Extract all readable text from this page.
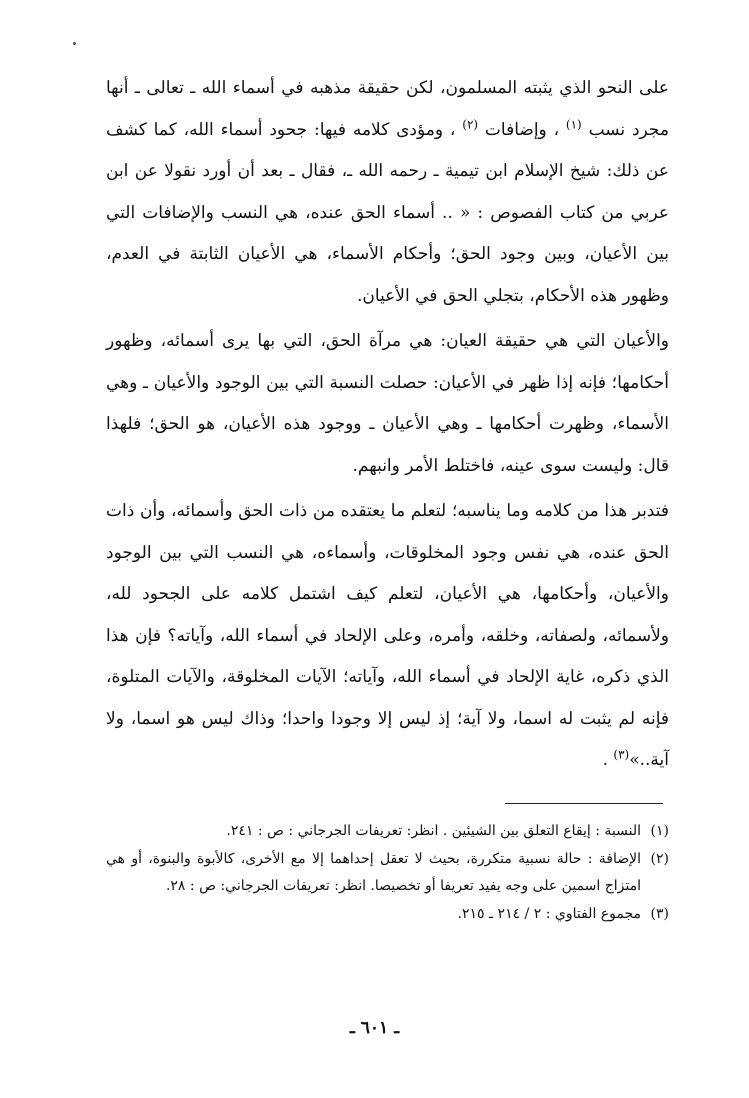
على النحو الذي يثبته المسلمون، لكن حقيقة مذهبه في أسماء الله ـ تعالى ـ أنها مجرد نسب $^{(١)}$ ، وإضافات $^{(٢)}$ ، ومؤدى كلامه فيها: جحود أسماء الله، كما كشف عن ذلك: شيخ الإسلام ابن تيمية ـ رحمه الله ـ، فقال ـ بعد أن أورد نقولا عن ابن عربي من كتاب الفصوص : « .. أسماء الحق عنده، هي النسب والإضافات التي بين الأعيان، وبين وجود الحق؛ وأحكام الأسماء، هي الأعيان الثابتة في العدم، وظهور هذه الأحكام، بتجلي الحق في الأعيان.

والأعيان التي هي حقيقة العيان: هي مرآة الحق، التي بها يرى أسمائه، وظهور أحكامها؛ فإنه إذا ظهر في الأعيان: حصلت النسبة التي بين الوجود والأعيان ـ وهي الأسماء، وظهرت أحكامها ـ وهي الأعيان ـ ووجود هذه الأعيان، هو الحق؛ فلهذا قال: وليست سوى عينه، فاختلط الأمر وانبهم.

فتدبر هذا من كلامه وما يناسبه؛ لتعلم ما يعتقده من ذات الحق وأسمائه، وأن ذات الحق عنده، هي نفس وجود المخلوقات، وأسماءه، هي النسب التي بين الوجود والأعيان، وأحكامها، هي الأعيان، لتعلم كيف اشتمل كلامه على الجحود لله، ولأسمائه، ولصفاته، وخلقه، وأمره، وعلى الإلحاد في أسماء الله، وآياته؟ فإن هذا الذي ذكره، غاية الإلحاد في أسماء الله، وآياته؛ الآيات المخلوقة، والآيات المتلوة، فإنه لم يثبت له اسما، ولا آية؛ إذ ليس إلا وجودا واحدا؛ وذاك ليس هو اسما، ولا آية..»$^{(٣)}$ .

(١)
النسبة : إيقاع التعلق بين الشيئين . انظر: تعريفات الجرجاني : ص : ٢٤١.
(٢)
الإضافة : حالة نسبية متكررة، بحيث لا تعقل إحداهما إلا مع الأخرى، كالأبوة والبنوة، أو هي امتزاج اسمين على وجه يفيد تعريفا أو تخصيصا. انظر: تعريفات الجرجاني: ص : ٢٨.
(٣)
مجموع الفتاوي : ٢ / ٢١٤ ـ ٢١٥.
ـ ٦٠١ ـ
